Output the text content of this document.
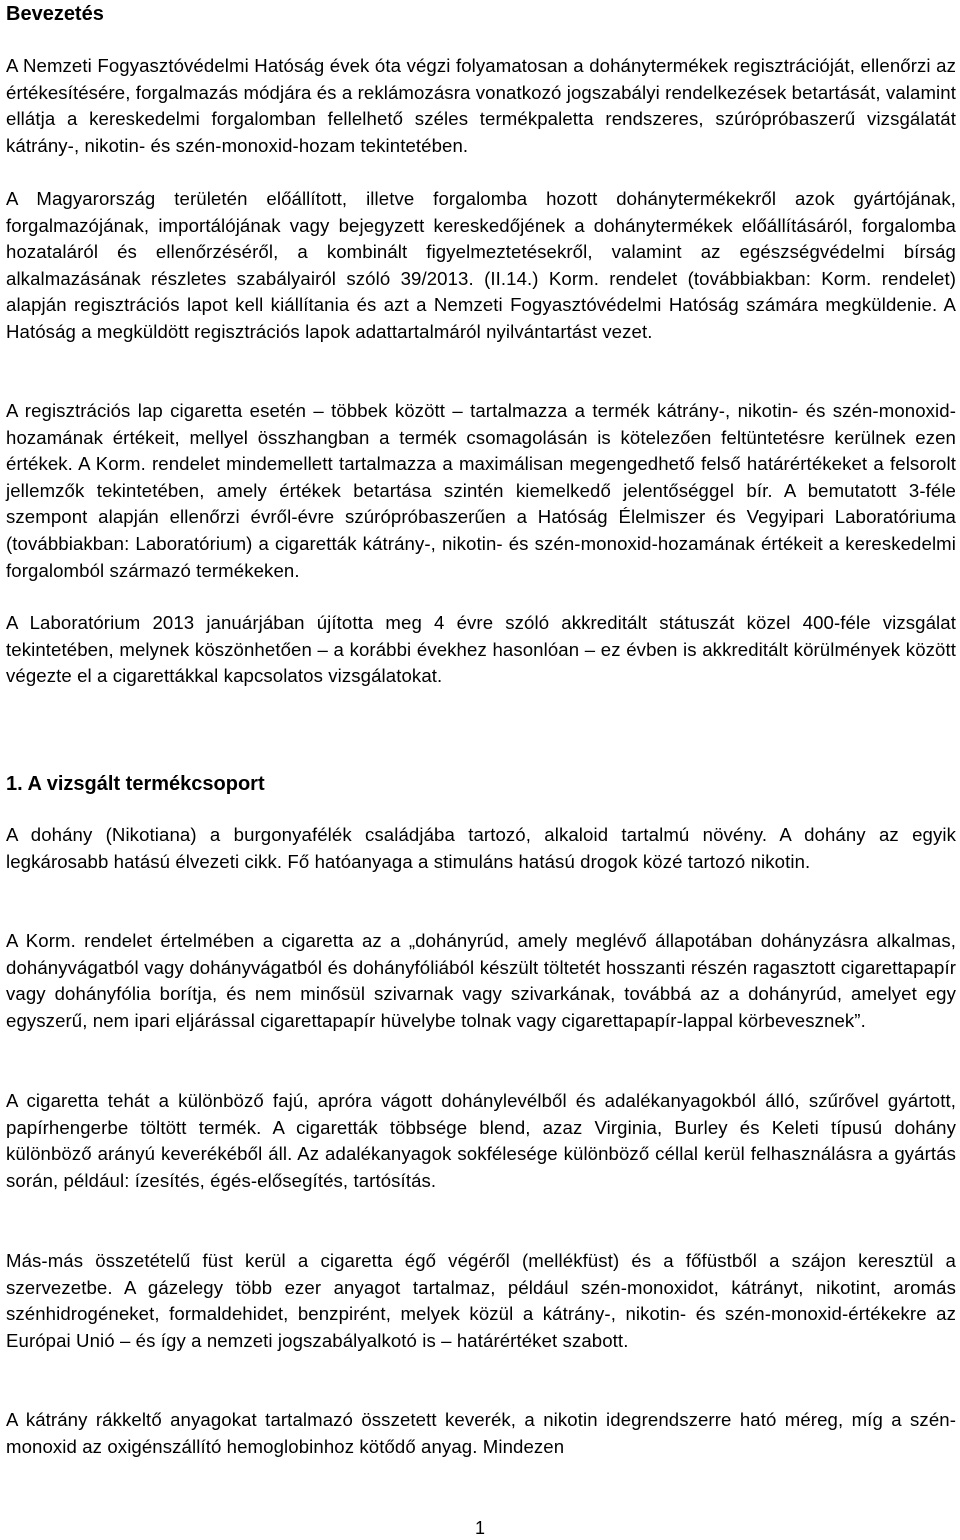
Bevezetés

A Nemzeti Fogyasztóvédelmi Hatóság évek óta végzi folyamatosan a dohánytermékek regisztrációját, ellenőrzi az értékesítésére, forgalmazás módjára és a reklámozásra vonatkozó jogszabályi rendelkezések betartását, valamint ellátja a kereskedelmi forgalomban fellelhető széles termékpaletta rendszeres, szúrópróbaszerű vizsgálatát kátrány-, nikotin- és szén-monoxid-hozam tekintetében.

A Magyarország területén előállított, illetve forgalomba hozott dohánytermékekről azok gyártójának, forgalmazójának, importálójának vagy bejegyzett kereskedőjének a dohánytermékek előállításáról, forgalomba hozataláról és ellenőrzéséről, a kombinált figyelmeztetésekről, valamint az egészségvédelmi bírság alkalmazásának részletes szabályairól szóló 39/2013. (II.14.) Korm. rendelet (továbbiakban: Korm. rendelet) alapján regisztrációs lapot kell kiállítania és azt a Nemzeti Fogyasztóvédelmi Hatóság számára megküldenie. A Hatóság a megküldött regisztrációs lapok adattartalmáról nyilvántartást vezet.

A regisztrációs lap cigaretta esetén – többek között – tartalmazza a termék kátrány-, nikotin- és szén-monoxid-hozamának értékeit, mellyel összhangban a termék csomagolásán is kötelezően feltüntetésre kerülnek ezen értékek. A Korm. rendelet mindemellett tartalmazza a maximálisan megengedhető felső határértékeket a felsorolt jellemzők tekintetében, amely értékek betartása szintén kiemelkedő jelentőséggel bír. A bemutatott 3-féle szempont alapján ellenőrzi évről-évre szúrópróbaszerűen a Hatóság Élelmiszer és Vegyipari Laboratóriuma (továbbiakban: Laboratórium) a cigaretták kátrány-, nikotin- és szén-monoxid-hozamának értékeit a kereskedelmi forgalomból származó termékeken.

A Laboratórium 2013 januárjában újította meg 4 évre szóló akkreditált státuszát közel 400-féle vizsgálat tekintetében, melynek köszönhetően – a korábbi évekhez hasonlóan – ez évben is akkreditált körülmények között végezte el a cigarettákkal kapcsolatos vizsgálatokat.

1. A vizsgált termékcsoport

A dohány (Nikotiana) a burgonyafélék családjába tartozó, alkaloid tartalmú növény. A dohány az egyik legkárosabb hatású élvezeti cikk. Fő hatóanyaga a stimuláns hatású drogok közé tartozó nikotin.

A Korm. rendelet értelmében a cigaretta az a „dohányrúd, amely meglévő állapotában dohányzásra alkalmas, dohányvágatból vagy dohányvágatból és dohányfóliából készült töltetét hosszanti részén ragasztott cigarettapapír vagy dohányfólia borítja, és nem minősül szivarnak vagy szivarkának, továbbá az a dohányrúd, amelyet egy egyszerű, nem ipari eljárással cigarettapapír hüvelybe tolnak vagy cigarettapapír-lappal körbevesznek”.

A cigaretta tehát a különböző fajú, apróra vágott dohánylevélből és adalékanyagokból álló, szűrővel gyártott, papírhengerbe töltött termék. A cigaretták többsége blend, azaz Virginia, Burley és Keleti típusú dohány különböző arányú keverékéből áll. Az adalékanyagok sokfélesége különböző céllal kerül felhasználásra a gyártás során, például: ízesítés, égés-elősegítés, tartósítás.

Más-más összetételű füst kerül a cigaretta égő végéről (mellékfüst) és a főfüstből a szájon keresztül a szervezetbe. A gázelegy több ezer anyagot tartalmaz, például szén-monoxidot, kátrányt, nikotint, aromás szénhidrogéneket, formaldehidet, benzpirént, melyek közül a kátrány-, nikotin- és szén-monoxid-értékekre az Európai Unió – és így a nemzeti jogszabályalkotó is – határértéket szabott.

A kátrány rákkeltő anyagokat tartalmazó összetett keverék, a nikotin idegrendszerre ható méreg, míg a szén-monoxid az oxigénszállító hemoglobinhoz kötődő anyag. Mindezen

1
